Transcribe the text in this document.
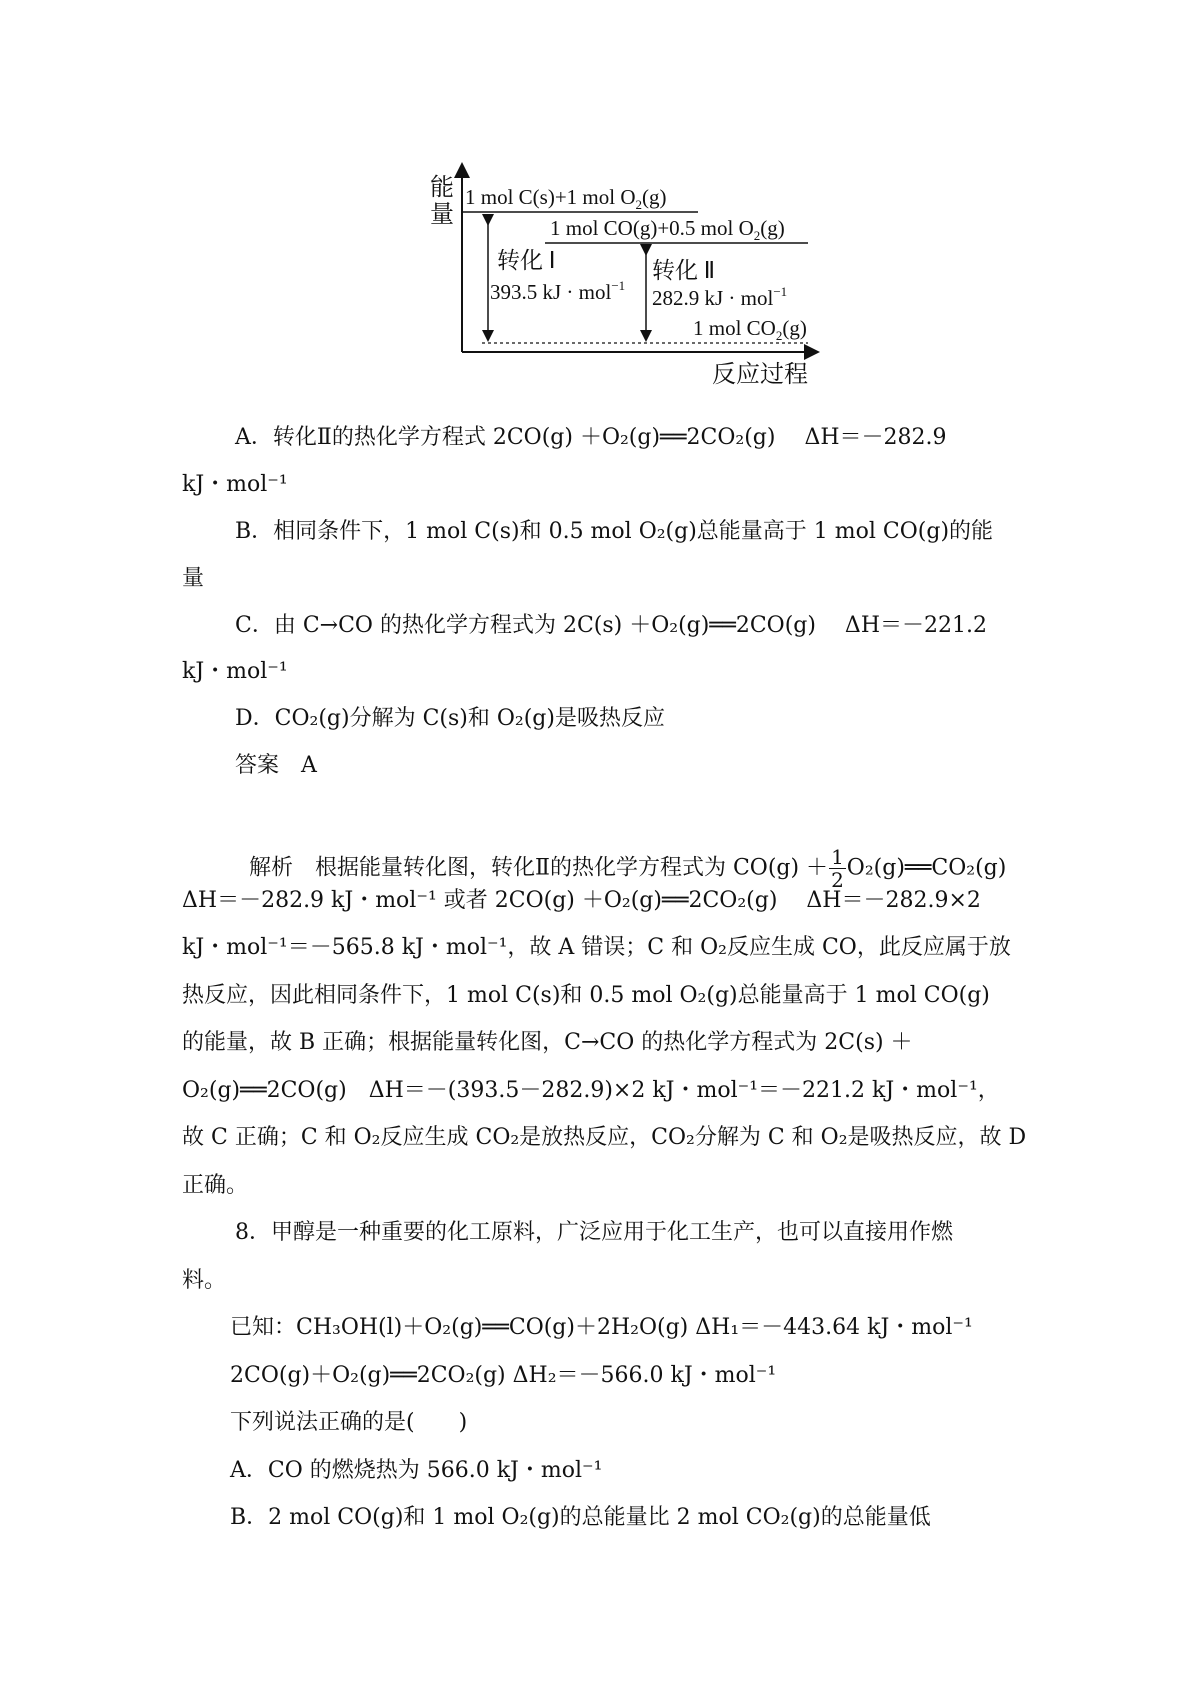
能
量
反应过程
1 mol C(s)+1 mol $O_2(g)$
1 mol CO(g)+0.5 mol $O_2(g)$
1 mol $CO_2(g)$
转化 Ⅰ
393.5 kJ · mol$^{-1}$
转化 Ⅱ
282.9 kJ · mol$^{-1}$
A．转化Ⅱ的热化学方程式 2CO(g) ＋O₂(g)══2CO₂(g)　 ΔH＝－282.9
kJ・mol⁻¹
B．相同条件下，1 mol C(s)和 0.5 mol O₂(g)总能量高于 1 mol CO(g)的能
量
C．由 C→CO 的热化学方程式为 2C(s) ＋O₂(g)══2CO(g)　 ΔH＝－221.2
kJ・mol⁻¹
D．CO₂(g)分解为 C(s)和 O₂(g)是吸热反应
答案　A

解析　根据能量转化图，转化Ⅱ的热化学方程式为 $CO(g) + \frac{1}{2}$ O₂(g)══CO₂(g)

ΔH＝－282.9 kJ・mol⁻¹ 或者 2CO(g) ＋O₂(g)══2CO₂(g)　 ΔH＝－282.9×2
kJ・mol⁻¹＝－565.8 kJ・mol⁻¹，故 A 错误；C 和 O₂反应生成 CO，此反应属于放
热反应，因此相同条件下，1 mol C(s)和 0.5 mol O₂(g)总能量高于 1 mol CO(g)
的能量，故 B 正确；根据能量转化图，C→CO 的热化学方程式为 2C(s) ＋
O₂(g)══2CO(g)　ΔH＝－(393.5－282.9)×2 kJ・mol⁻¹＝－221.2 kJ・mol⁻¹，
故 C 正确；C 和 O₂反应生成 CO₂是放热反应，CO₂分解为 C 和 O₂是吸热反应，故 D
正确。
8．甲醇是一种重要的化工原料，广泛应用于化工生产，也可以直接用作燃
料。
已知：CH₃OH(l)＋O₂(g)══CO(g)＋2H₂O(g) ΔH₁＝－443.64 kJ・mol⁻¹
2CO(g)＋O₂(g)══2CO₂(g) ΔH₂＝－566.0 kJ・mol⁻¹
下列说法正确的是(　　)
A．CO 的燃烧热为 566.0 kJ・mol⁻¹
B．2 mol CO(g)和 1 mol O₂(g)的总能量比 2 mol CO₂(g)的总能量低
